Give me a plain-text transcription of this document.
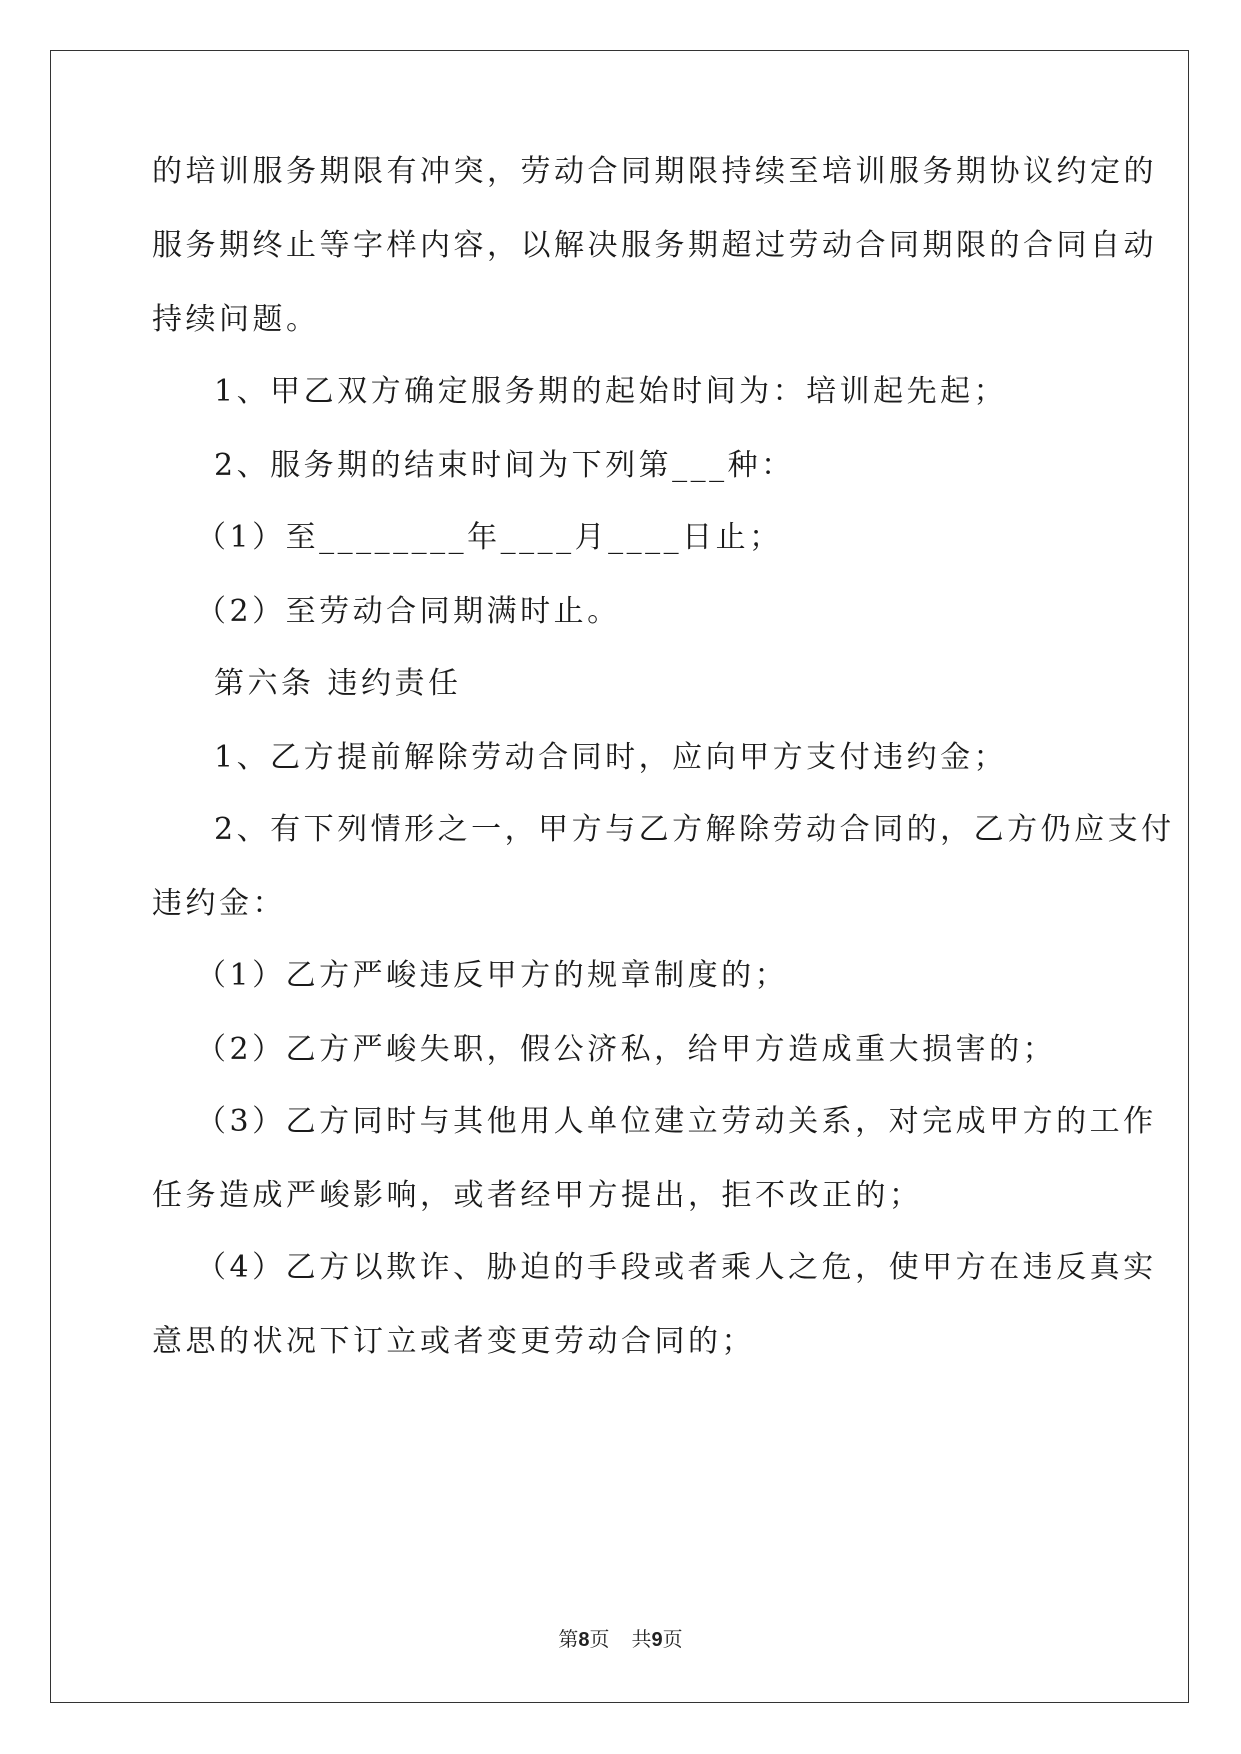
的培训服务期限有冲突，劳动合同期限持续至培训服务期协议约定的
服务期终止等字样内容，以解决服务期超过劳动合同期限的合同自动
持续问题。
1、甲乙双方确定服务期的起始时间为：培训起先起；
2、服务期的结束时间为下列第___种：
（1）至________年____月____日止；
（2）至劳动合同期满时止。
第六条 违约责任
1、乙方提前解除劳动合同时，应向甲方支付违约金；
2、有下列情形之一，甲方与乙方解除劳动合同的，乙方仍应支付
违约金：
（1）乙方严峻违反甲方的规章制度的；
（2）乙方严峻失职，假公济私，给甲方造成重大损害的；
（3）乙方同时与其他用人单位建立劳动关系，对完成甲方的工作
任务造成严峻影响，或者经甲方提出，拒不改正的；
（4）乙方以欺诈、胁迫的手段或者乘人之危，使甲方在违反真实
意思的状况下订立或者变更劳动合同的；
第8页 共9页
